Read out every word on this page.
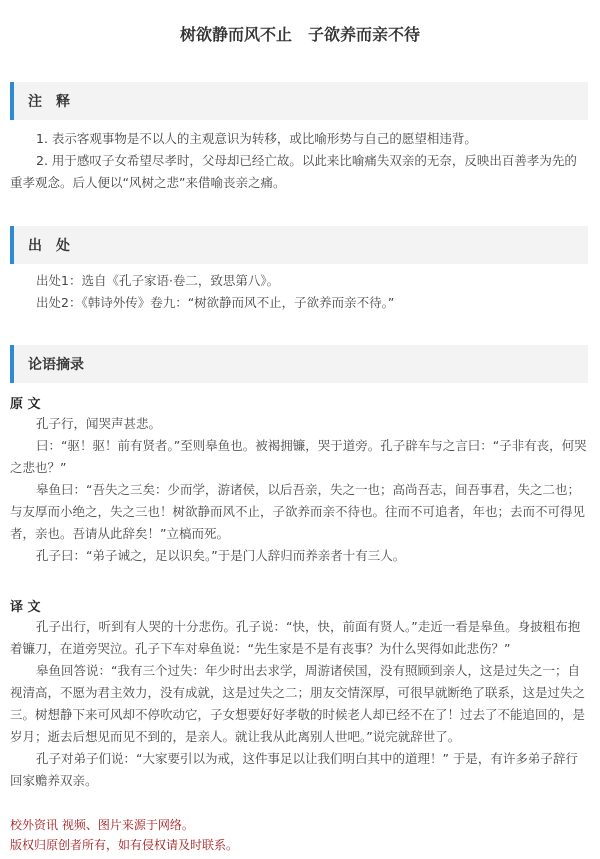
树欲静而风不止　子欲养而亲不待
注　释

1. 表示客观事物是不以人的主观意识为转移，或比喻形势与自己的愿望相违背。

2. 用于感叹子女希望尽孝时，父母却已经亡故。以此来比喻痛失双亲的无奈，反映出百善孝为先的重孝观念。后人便以“风树之悲”来借喻丧亲之痛。

出　处

出处1：选自《孔子家语·卷二，致思第八》。

出处2：《韩诗外传》卷九：“树欲静而风不止，子欲养而亲不待。”

论语摘录
原 文

孔子行，闻哭声甚悲。

曰：“驱！驱！前有贤者。”至则皋鱼也。被褐拥镰，哭于道旁。孔子辟车与之言曰：“子非有丧，何哭之悲也？”

皋鱼曰：“吾失之三矣：少而学，游诸侯，以后吾亲，失之一也；高尚吾志，间吾事君，失之二也；与友厚而小绝之，失之三也！树欲静而风不止，子欲养而亲不待也。往而不可追者，年也；去而不可得见者，亲也。吾请从此辞矣！”立槁而死。

孔子曰：“弟子诫之，足以识矣。”于是门人辞归而养亲者十有三人。

译 文

孔子出行，听到有人哭的十分悲伤。孔子说：“快，快，前面有贤人。”走近一看是皋鱼。身披粗布抱着镰刀，在道旁哭泣。孔子下车对皋鱼说：“先生家是不是有丧事？为什么哭得如此悲伤？”

皋鱼回答说：“我有三个过失：年少时出去求学，周游诸侯国，没有照顾到亲人，这是过失之一；自视清高，不愿为君主效力，没有成就，这是过失之二；朋友交情深厚，可很早就断绝了联系，这是过失之三。树想静下来可风却不停吹动它，子女想要好好孝敬的时候老人却已经不在了！过去了不能追回的，是岁月；逝去后想见而见不到的，是亲人。就让我从此离别人世吧。”说完就辞世了。

孔子对弟子们说：“大家要引以为戒，这件事足以让我们明白其中的道理！” 于是，有许多弟子辞行回家赡养双亲。

校外资讯 视频、图片来源于网络。
版权归原创者所有，如有侵权请及时联系。
